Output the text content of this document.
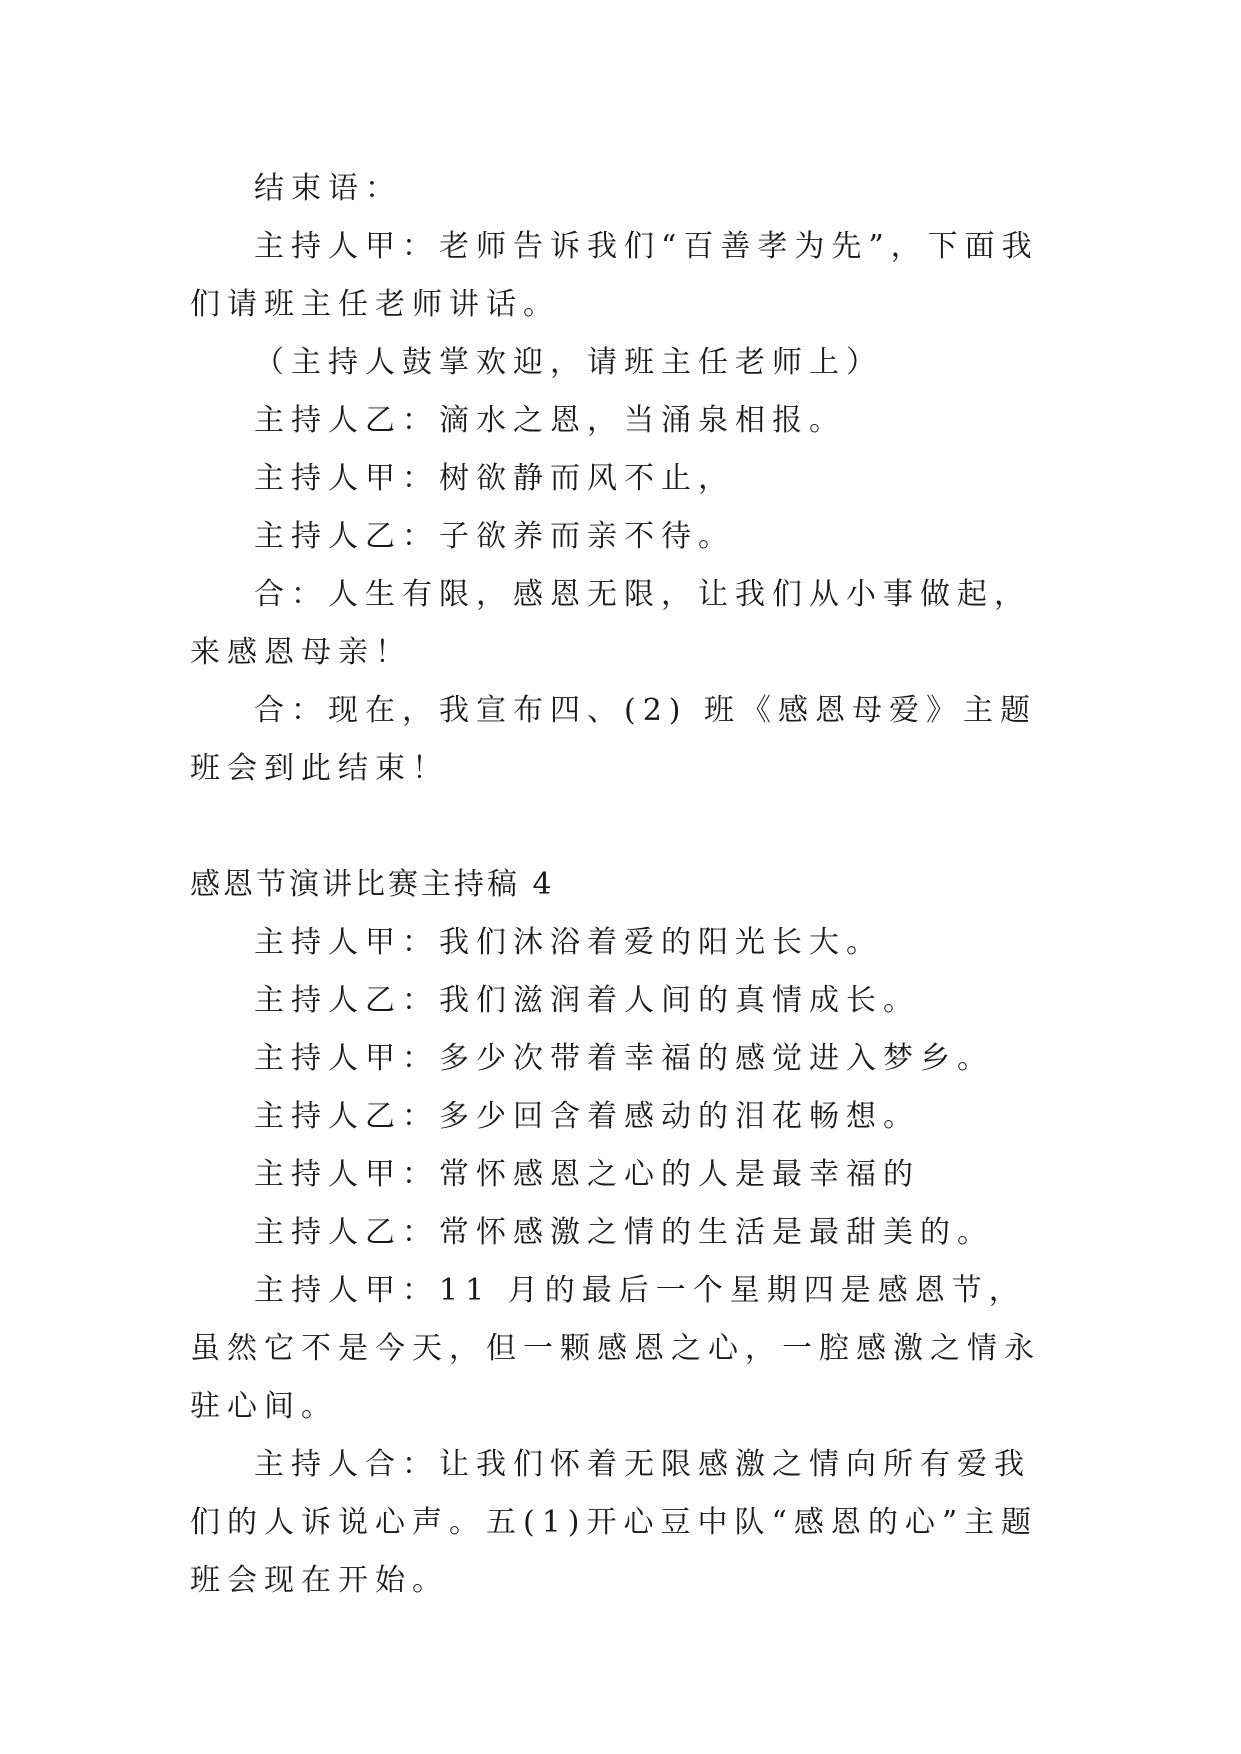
结束语：

主持人甲：老师告诉我们“百善孝为先”，下面我们请班主任老师讲话。

（主持人鼓掌欢迎，请班主任老师上）

主持人乙：滴水之恩，当涌泉相报。

主持人甲：树欲静而风不止，

主持人乙：子欲养而亲不待。

合：人生有限，感恩无限，让我们从小事做起，来感恩母亲！

合：现在，我宣布四、(2) 班《感恩母爱》主题班会到此结束！

感恩节演讲比赛主持稿 4

主持人甲：我们沐浴着爱的阳光长大。

主持人乙：我们滋润着人间的真情成长。

主持人甲：多少次带着幸福的感觉进入梦乡。

主持人乙：多少回含着感动的泪花畅想。

主持人甲：常怀感恩之心的人是最幸福的

主持人乙：常怀感激之情的生活是最甜美的。

主持人甲：11 月的最后一个星期四是感恩节，虽然它不是今天，但一颗感恩之心，一腔感激之情永驻心间。

主持人合：让我们怀着无限感激之情向所有爱我们的人诉说心声。五(1)开心豆中队“感恩的心”主题班会现在开始。
